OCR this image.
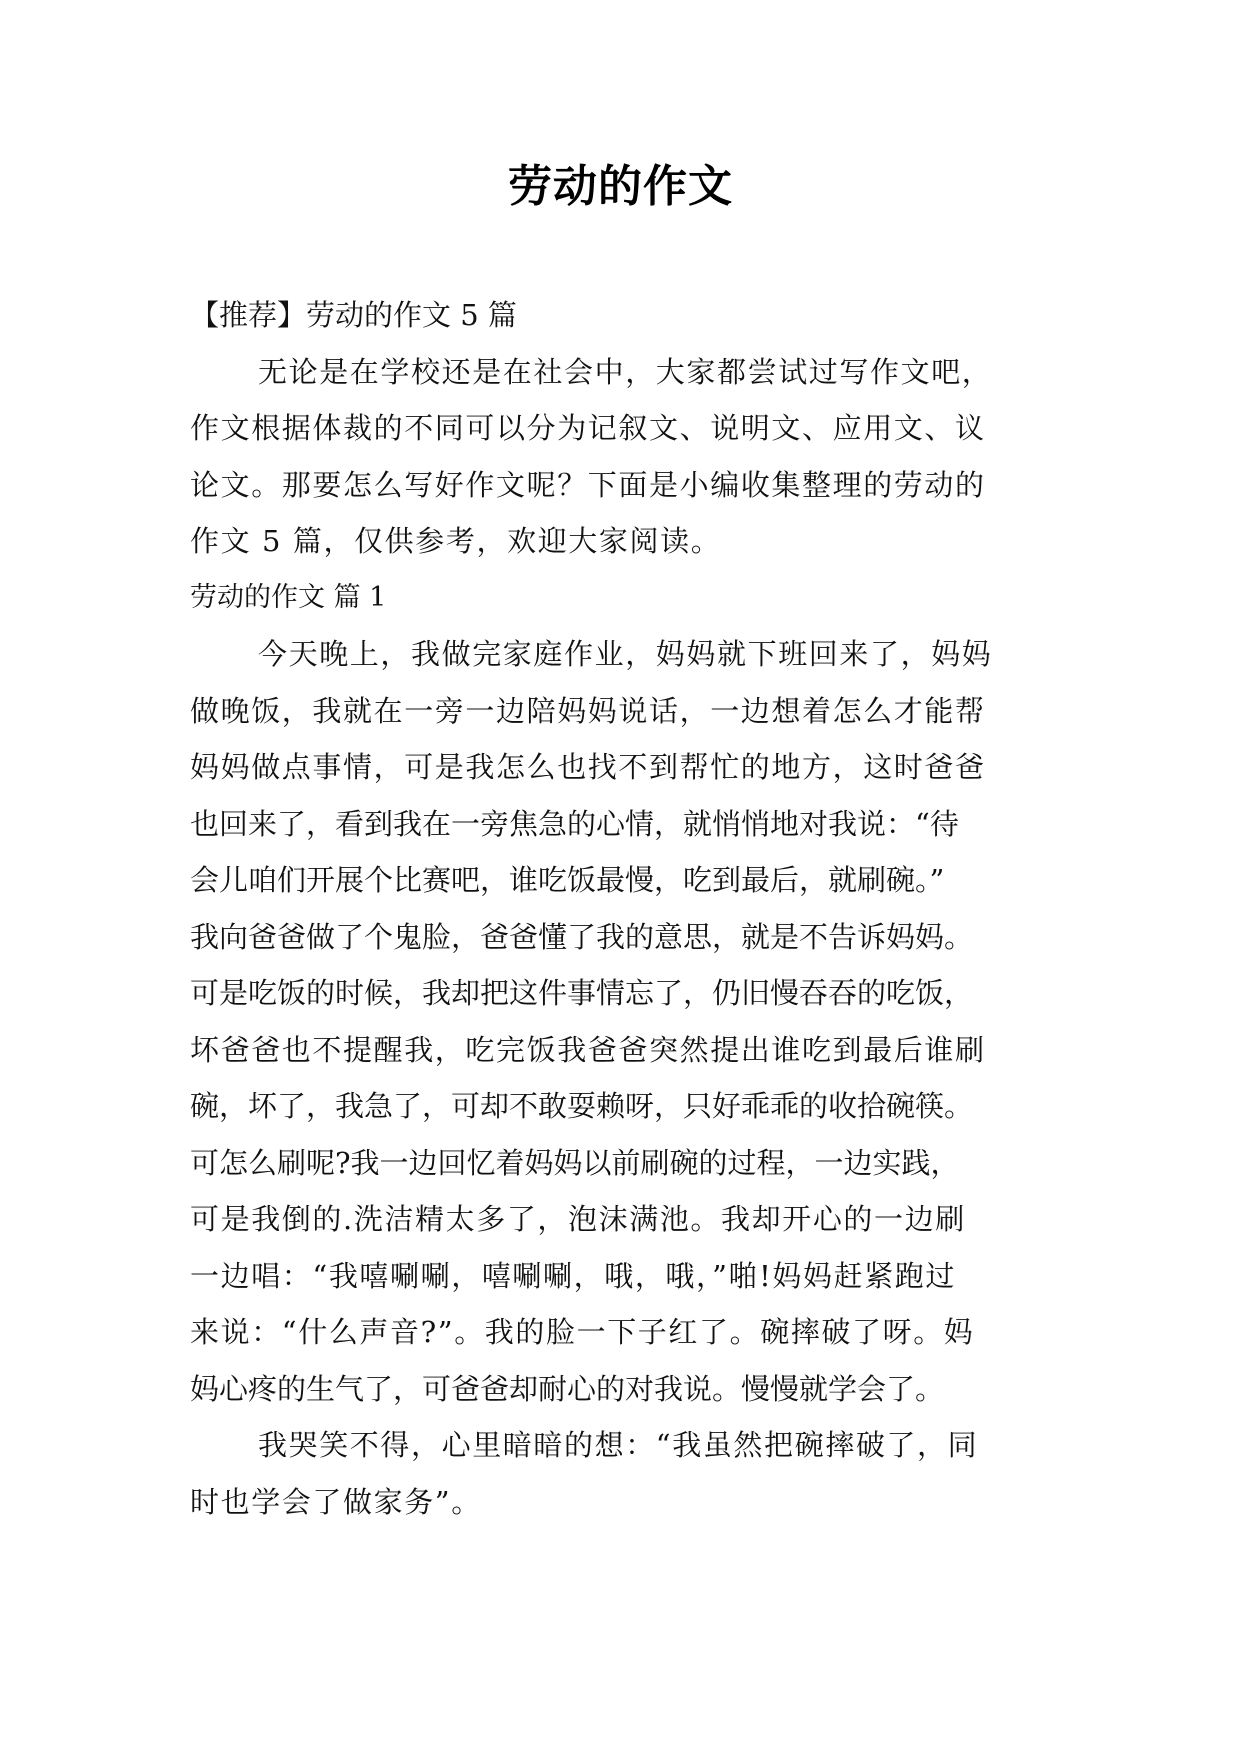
劳动的作文
【推荐】劳动的作文 5 篇
无论是在学校还是在社会中，大家都尝试过写作文吧，
作文根据体裁的不同可以分为记叙文、说明文、应用文、议
论文。那要怎么写好作文呢？下面是小编收集整理的劳动的
作文 5 篇，仅供参考，欢迎大家阅读。
劳动的作文 篇 1
今天晚上，我做完家庭作业，妈妈就下班回来了，妈妈
做晚饭，我就在一旁一边陪妈妈说话，一边想着怎么才能帮
妈妈做点事情，可是我怎么也找不到帮忙的地方，这时爸爸
也回来了，看到我在一旁焦急的心情，就悄悄地对我说：“待
会儿咱们开展个比赛吧，谁吃饭最慢，吃到最后，就刷碗。”
我向爸爸做了个鬼脸，爸爸懂了我的意思，就是不告诉妈妈。
可是吃饭的时候，我却把这件事情忘了，仍旧慢吞吞的吃饭，
坏爸爸也不提醒我，吃完饭我爸爸突然提出谁吃到最后谁刷
碗，坏了，我急了，可却不敢耍赖呀，只好乖乖的收拾碗筷。
可怎么刷呢?我一边回忆着妈妈以前刷碗的过程，一边实践，
可是我倒的.洗洁精太多了，泡沫满池。我却开心的一边刷
一边唱：“我嘻唰唰，嘻唰唰，哦，哦，”啪!妈妈赶紧跑过
来说：“什么声音?”。我的脸一下子红了。碗摔破了呀。妈
妈心疼的生气了，可爸爸却耐心的对我说。慢慢就学会了。
我哭笑不得，心里暗暗的想：“我虽然把碗摔破了，同
时也学会了做家务”。
